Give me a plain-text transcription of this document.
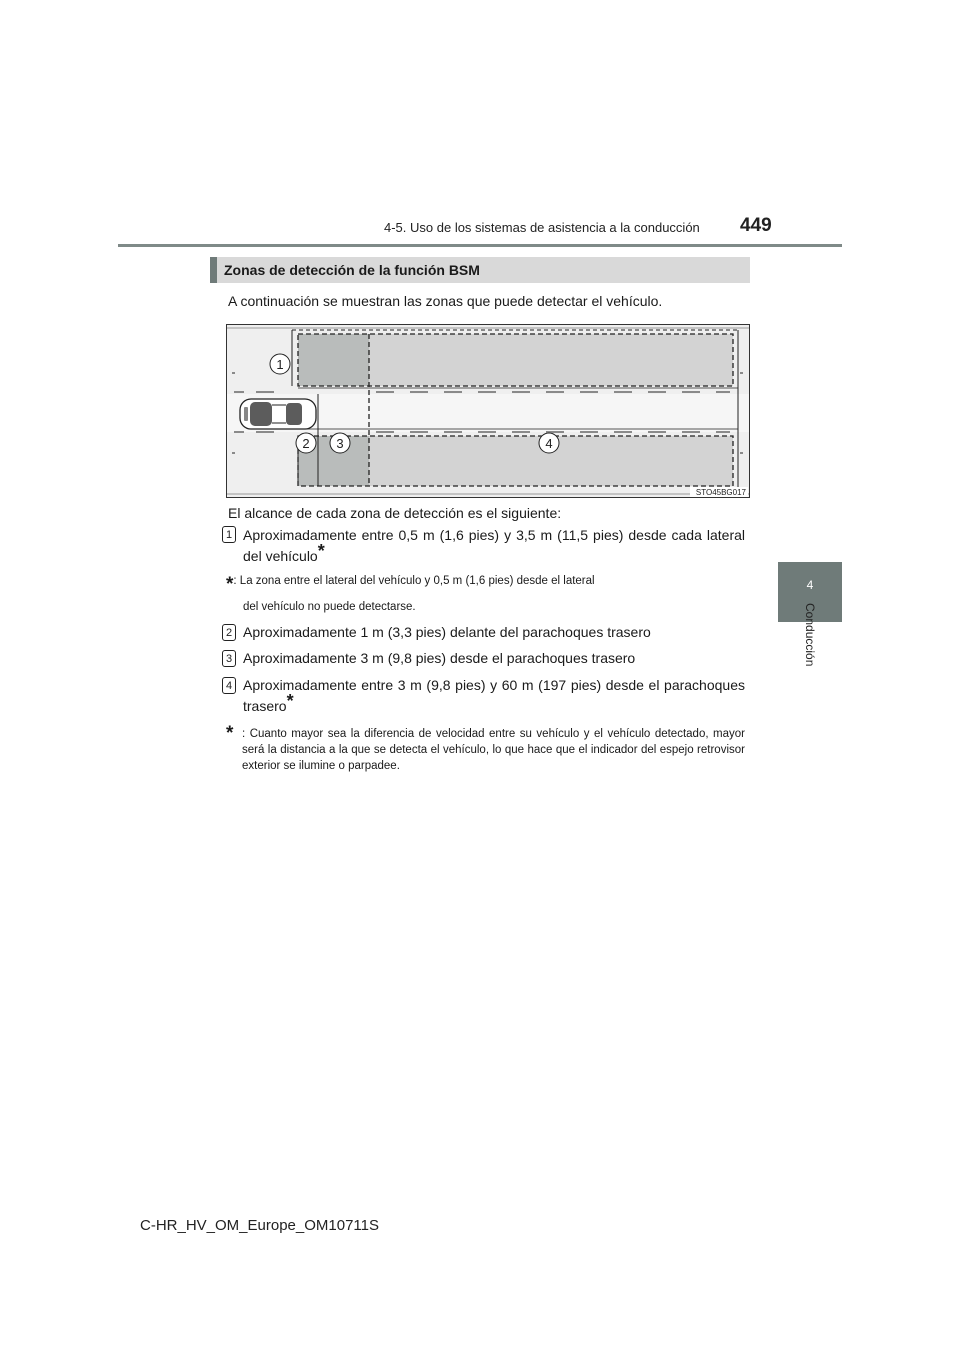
4-5. Uso de los sistemas de asistencia a la conducción 449
4
Conducción
Zonas de detección de la función BSM
A continuación se muestran las zonas que puede detectar el vehículo.
1
2 3	4
STO45BG017
El alcance de cada zona de detección es el siguiente:
1 Aproximadamente entre 0,5 m (1,6 pies) y 3,5 m (11,5 pies) desde cada lateral del vehículo*
*: La zona entre el lateral del vehículo y 0,5 m (1,6 pies) desde el lateral
del vehículo no puede detectarse.
2 Aproximadamente 1 m (3,3 pies) delante del parachoques trasero
3 Aproximadamente 3 m (9,8 pies) desde el parachoques trasero
4 Aproximadamente entre 3 m (9,8 pies) y 60 m (197 pies) desde el parachoques trasero*
* : Cuanto mayor sea la diferencia de velocidad entre su vehículo y el vehículo detectado, mayor será la distancia a la que se detecta el vehículo, lo que hace que el indicador del espejo retrovisor exterior se ilumine o parpadee.
C-HR_HV_OM_Europe_OM10711S
